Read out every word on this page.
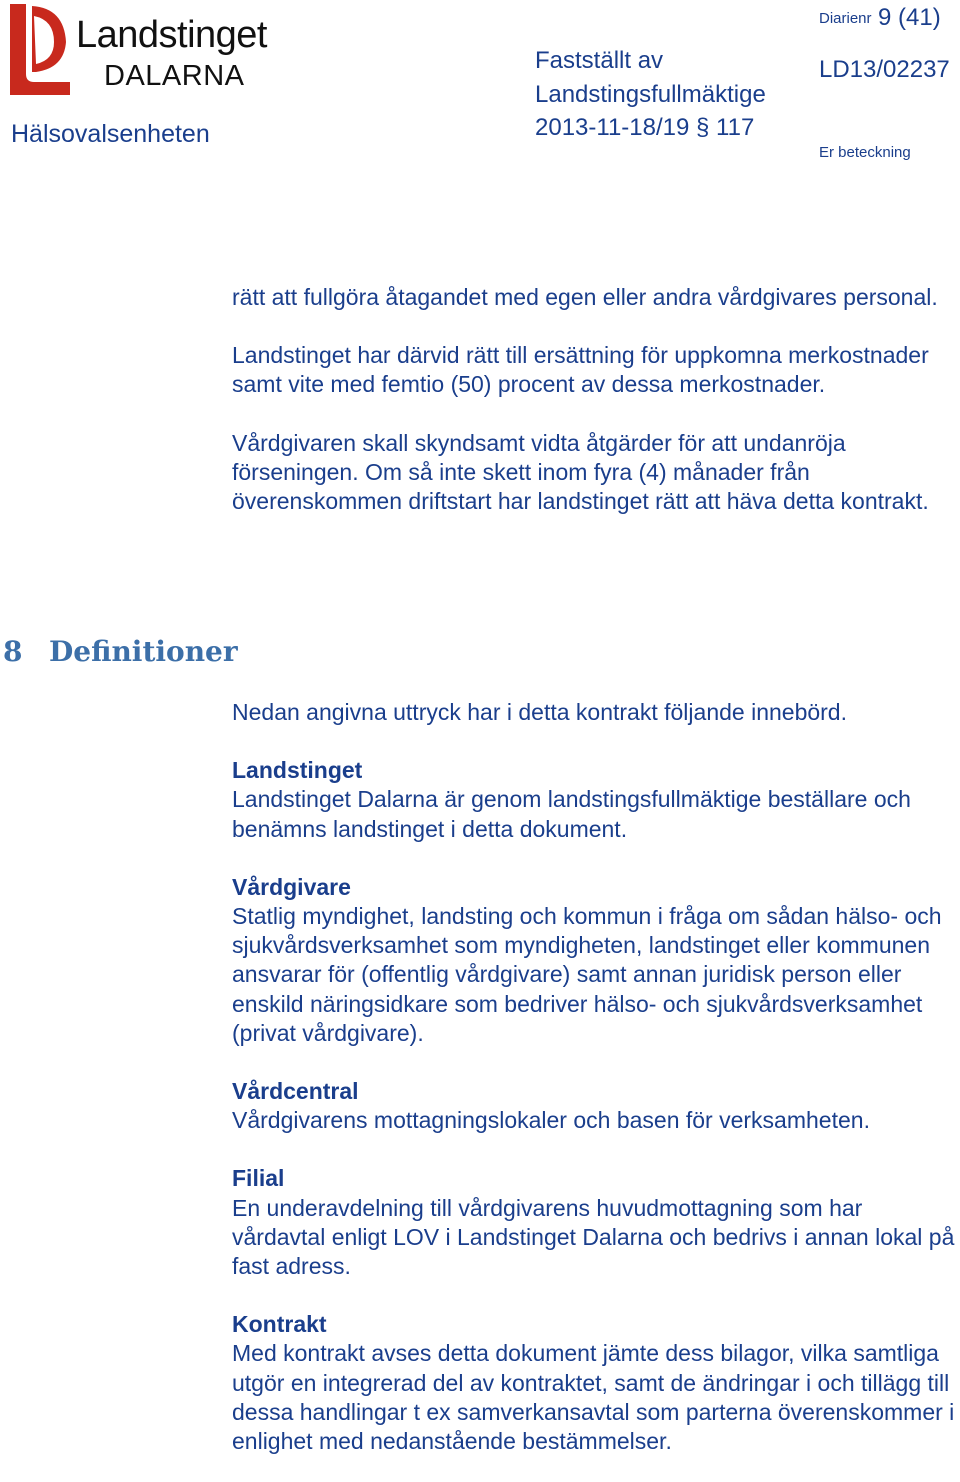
Landstinget
DALARNA
Hälsovalsenheten
Fastställt av
Landstingsfullmäktige
2013-11-18/19 § 117
Diarienr 9 (41)
LD13/02237
Er beteckning

rätt att fullgöra åtagandet med egen eller andra vårdgivares personal.

Landstinget har därvid rätt till ersättning för uppkomna merkostnader samt vite med femtio (50) procent av dessa merkostnader.

Vårdgivaren skall skyndsamt vidta åtgärder för att undanröja förseningen. Om så inte skett inom fyra (4) månader från överenskommen driftstart har landstinget rätt att häva detta kontrakt.

8 Definitioner

Nedan angivna uttryck har i detta kontrakt följande innebörd.

Landstinget
Landstinget Dalarna är genom landstingsfullmäktige beställare och benämns landstinget i detta dokument.
Vårdgivare
Statlig myndighet, landsting och kommun i fråga om sådan hälso- och sjukvårdsverksamhet som myndigheten, landstinget eller kommunen ansvarar för (offentlig vårdgivare) samt annan juridisk person eller enskild näringsidkare som bedriver hälso- och sjukvårdsverksamhet (privat vårdgivare).
Vårdcentral
Vårdgivarens mottagningslokaler och basen för verksamheten.
Filial
En underavdelning till vårdgivarens huvudmottagning som har vårdavtal enligt LOV i Landstinget Dalarna och bedrivs i annan lokal på fast adress.
Kontrakt
Med kontrakt avses detta dokument jämte dess bilagor, vilka samtliga utgör en integrerad del av kontraktet, samt de ändringar i och tillägg till dessa handlingar t ex samverkansavtal som parterna överenskommer i enlighet med nedanstående bestämmelser.
